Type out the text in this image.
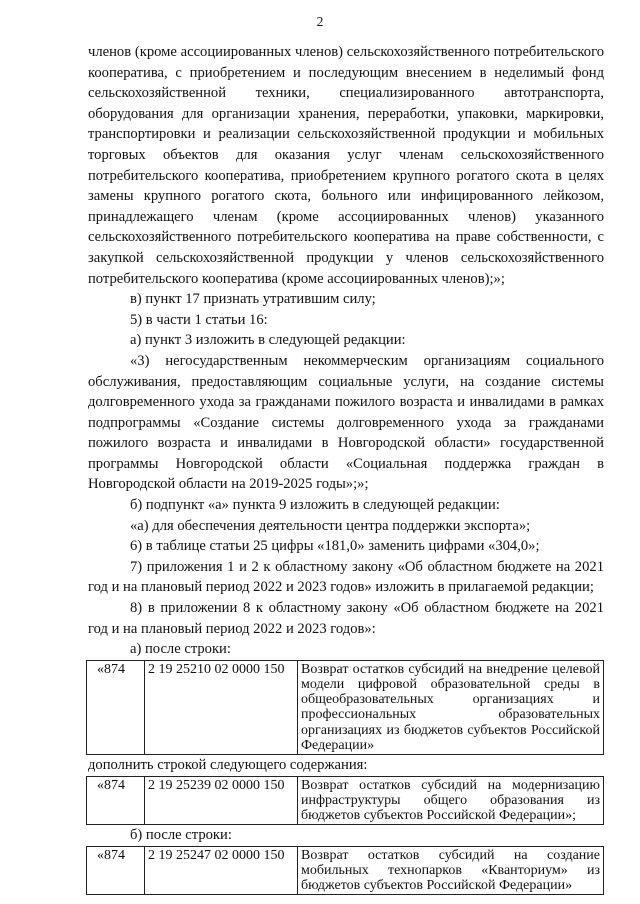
2

членов (кроме ассоциированных членов) сельскохозяйственного потребительского кооператива, с приобретением и последующим внесением в неделимый фонд сельскохозяйственной техники, специализированного автотранспорта, оборудования для организации хранения, переработки, упаковки, маркировки, транспортировки и реализации сельскохозяйственной продукции и мобильных торговых объектов для оказания услуг членам сельскохозяйственного потребительского кооператива, приобретением крупного рогатого скота в целях замены крупного рогатого скота, больного или инфицированного лейкозом, принадлежащего членам (кроме ассоциированных членов) указанного сельскохозяйственного потребительского кооператива на праве собственности, с закупкой сельскохозяйственной продукции у членов сельскохозяйственного потребительского кооператива (кроме ассоциированных членов);»;

в) пункт 17 признать утратившим силу;

5) в части 1 статьи 16:

а) пункт 3 изложить в следующей редакции:

«3) негосударственным некоммерческим организациям социального обслуживания, предоставляющим социальные услуги, на создание системы долговременного ухода за гражданами пожилого возраста и инвалидами в рамках подпрограммы «Создание системы долговременного ухода за гражданами пожилого возраста и инвалидами в Новгородской области» государственной программы Новгородской области «Социальная поддержка граждан в Новгородской области на 2019-2025 годы»;»;

б) подпункт «а» пункта 9 изложить в следующей редакции:

«а) для обеспечения деятельности центра поддержки экспорта»;

6) в таблице статьи 25 цифры «181,0» заменить цифрами «304,0»;

7) приложения 1 и 2 к областному закону «Об областном бюджете на 2021 год и на плановый период 2022 и 2023 годов» изложить в прилагаемой редакции;

8) в приложении 8 к областному закону «Об областном бюджете на 2021 год и на плановый период 2022 и 2023 годов»:

а) после строки:

«874	2 19 25210 02 0000 150	Возврат остатков субсидий на внедрение целевой модели цифровой образовательной среды в общеобразовательных организациях и профессиональных образовательных организациях из бюджетов субъектов Российской Федерации»

дополнить строкой следующего содержания:

«874	2 19 25239 02 0000 150	Возврат остатков субсидий на модернизацию инфраструктуры общего образования из бюджетов субъектов Российской Федерации»;

б) после строки:

«874	2 19 25247 02 0000 150	Возврат остатков субсидий на создание мобильных технопарков «Кванториум» из бюджетов субъектов Российской Федерации»
